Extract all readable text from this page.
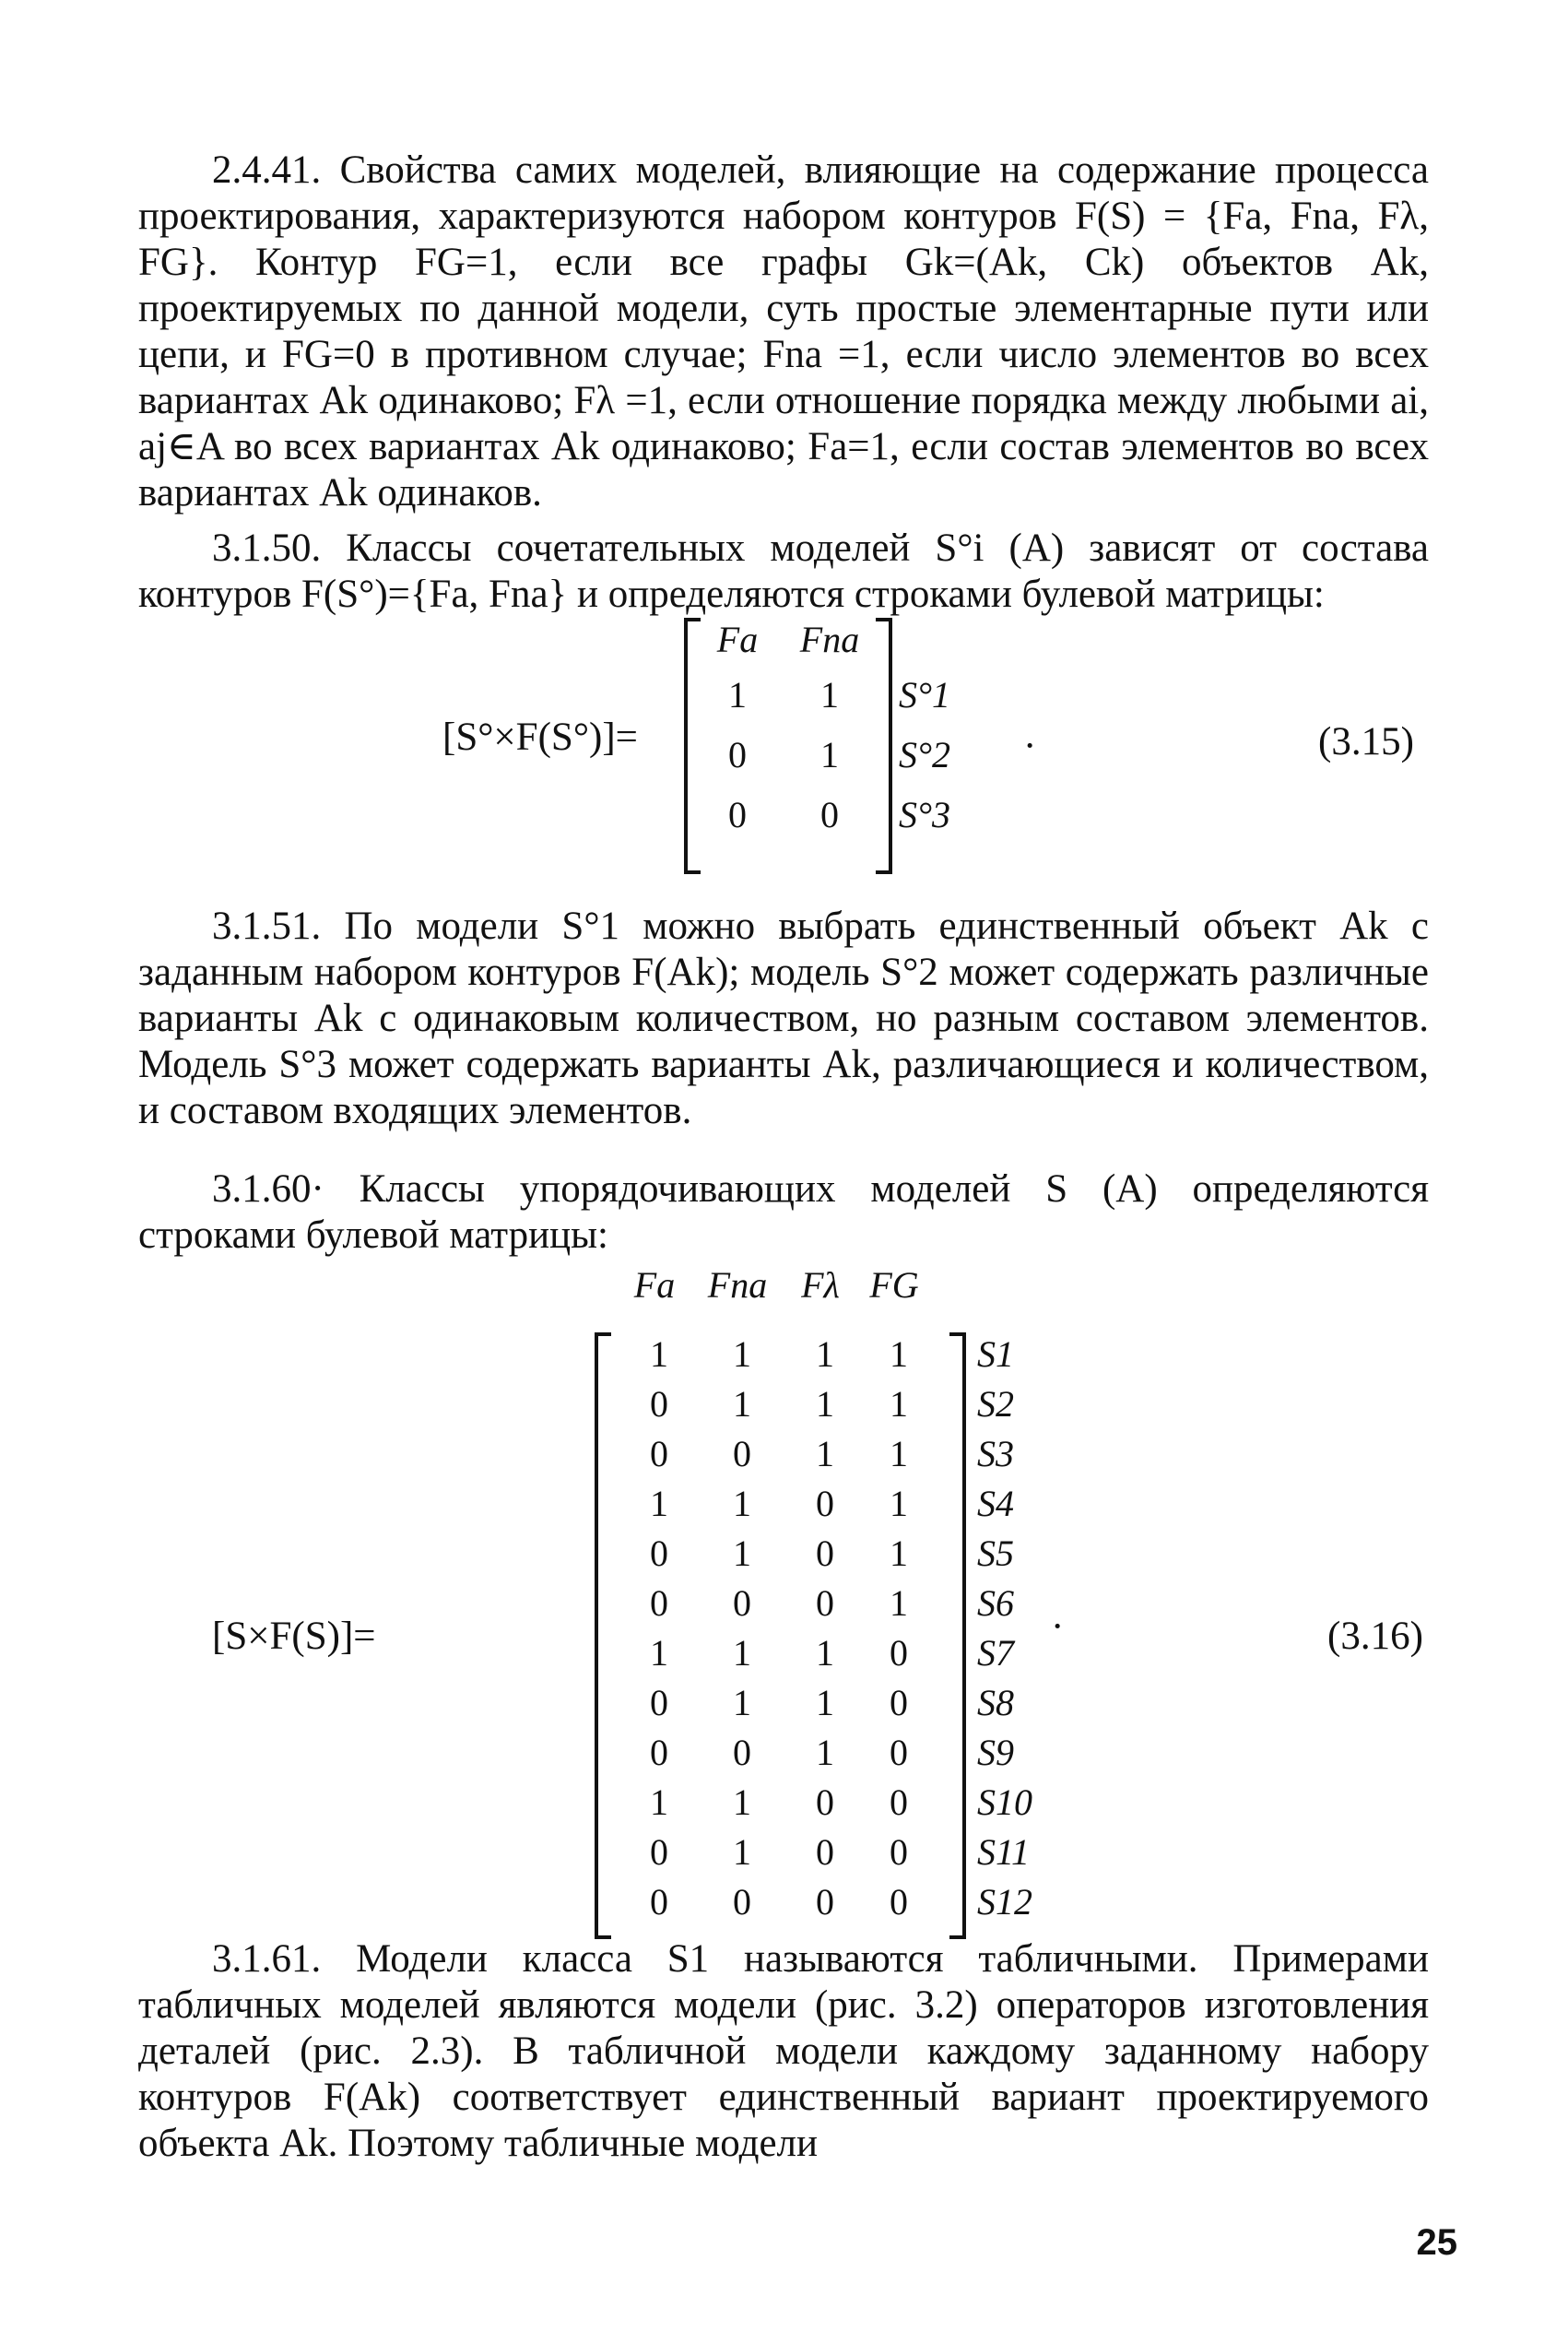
2.4.41. Свойства самих моделей, влияющие на содержание процесса проектирования, характеризуются набором контуров F(S) = {Fa, Fna, Fλ, FG}. Контур FG=1, если все графы Gk=(Ak, Ck) объектов Ak, проектируемых по данной модели, суть простые элементарные пути или цепи, и FG=0 в противном случае; Fna =1, если число элементов во всех вариантах Ak одинаково; Fλ =1, если отношение порядка между любыми ai, aj∈A во всех вариантах Ak одинаково; Fa=1, если состав элементов во всех вариантах Ak одинаков.

3.1.50. Классы сочетательных моделей S°i (A) зависят от состава контуров F(S°)={Fa, Fna} и определяются строками булевой матрицы:

3.1.51. По модели S°1 можно выбрать единственный объект Ak с заданным набором контуров F(Ak); модель S°2 может содержать различные варианты Ak с одинаковым количеством, но разным составом элементов. Модель S°3 может содержать варианты Ak, различающиеся и количеством, и составом входящих элементов.

3.1.60· Классы упорядочивающих моделей S (A) определяются строками булевой матрицы:

3.1.61. Модели класса S1 называются табличными. Примерами табличных моделей являются модели (рис. 3.2) операторов изготовления деталей (рис. 2.3). В табличной модели каждому заданному набору контуров F(Ak) соответствует единственный вариант проектируемого объекта Ak. Поэтому табличные модели

[S°×F(S°)]=
Fa	Fna
1	1	S°1
0	1	S°2
0	0	S°3
·	(3.15)
[S×F(S)]=
Fa Fna Fλ FG
1	1	1	1	S1
0	1	1	1	S2
0	0	1	1	S3
1	1	0	1	S4
0	1	0	1	S5
0	0	0	1	S6
1	1	1	0	S7
0	1	1	0	S8
0	0	1	0	S9
1	1	0	0	S10
0	1	0	0	S11
0	0	0	0	S12
·	(3.16)
25
